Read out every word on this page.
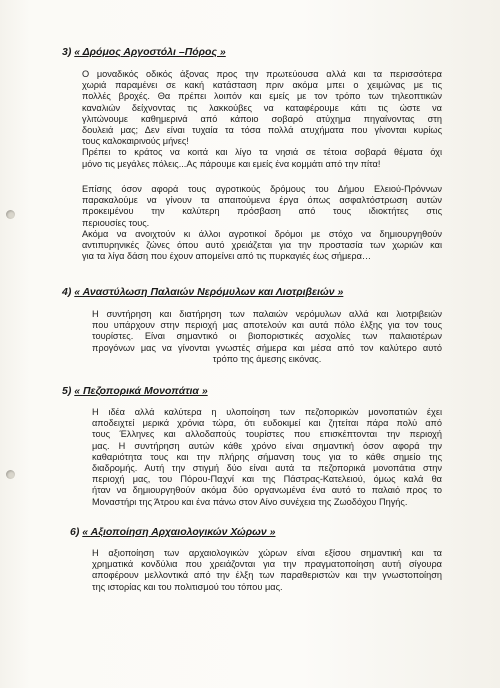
3) « Δρόμος Αργοστόλι –Πόρος »
Ο μοναδικός οδικός άξονας προς την πρωτεύουσα αλλά και τα περισσότερα
χωριά παραμένει σε κακή κατάσταση πριν ακόμα μπει ο χειμώνας με τις
πολλές βροχές. Θα πρέπει λοιπόν και εμείς με τον τρόπο των τηλεοπτικών
καναλιών δείχνοντας τις λακκούβες να καταφέρουμε κάτι τις ώστε να
γλιτώνουμε καθημερινά από κάποιο σοβαρό ατύχημα πηγαίνοντας στη
δουλειά μας; Δεν είναι τυχαία τα τόσα πολλά ατυχήματα που γίνονται κυρίως
τους καλοκαιρινούς μήνες!
Πρέπει το κράτος να κοιτά και λίγο τα νησιά σε τέτοια σοβαρά θέματα όχι
μόνο τις μεγάλες πόλεις...Ας πάρουμε και εμείς ένα κομμάτι από την πίτα!
Επίσης όσον αφορά τους αγροτικούς δρόμους του Δήμου Ελειού-Πρόννων
παρακαλούμε να γίνουν τα απαιτούμενα έργα όπως ασφαλτόστρωση αυτών
προκειμένου την καλύτερη πρόσβαση από τους ιδιοκτήτες στις
περιουσίες τους.
Ακόμα να ανοιχτούν κι άλλοι αγροτικοί δρόμοι με στόχο να δημιουργηθούν
αντιπυρηνικές ζώνες όπου αυτό χρειάζεται για την προστασία των χωριών και
για τα λίγα δάση που έχουν απομείνει από τις πυρκαγιές έως σήμερα…
4) « Αναστύλωση Παλαιών Νερόμυλων και Λιοτριβειών »
Η συντήρηση και διατήρηση των παλαιών νερόμυλων αλλά και λιοτριβειών
που υπάρχουν στην περιοχή μας αποτελούν και αυτά πόλο έλξης για τον τους
τουρίστες. Είναι σημαντικό οι βιοποριστικές ασχολίες των παλαιοτέρων
προγόνων μας να γίνονται γνωστές σήμερα και μέσα από τον καλύτερο αυτό
τρόπο της άμεσης εικόνας.
5) « Πεζοπορικά Μονοπάτια »
Η ιδέα αλλά καλύτερα η υλοποίηση των πεζοπορικών μονοπατιών έχει
αποδειχτεί μερικά χρόνια τώρα, ότι ευδοκιμεί και ζητείται πάρα πολύ από
τους Έλληνες και αλλοδαπούς τουρίστες που επισκέπτονται την περιοχή
μας. Η συντήρηση αυτών κάθε χρόνο είναι σημαντική όσον αφορά την
καθαριότητα τους και την πλήρης σήμανση τους για το κάθε σημείο της
διαδρομής. Αυτή την στιγμή δύο είναι αυτά τα πεζοπορικά μονοπάτια στην
περιοχή μας, του Πόρου-Παχνί και της Πάστρας-Κατελειού, όμως καλά θα
ήταν να δημιουργηθούν ακόμα δύο οργανωμένα ένα αυτό το παλαιό προς το
Μοναστήρι της Άτρου και ένα πάνω στον Αίνο συνέχεια της Ζωοδόχου Πηγής.
6) « Αξιοποίηση Αρχαιολογικών Χώρων »
Η αξιοποίηση των αρχαιολογικών χώρων είναι εξίσου σημαντική και τα
χρηματικά κονδύλια που χρειάζονται για την πραγματοποίηση αυτή σίγουρα
αποφέρουν μελλοντικά από την έλξη των παραθεριστών και την γνωστοποίηση
της ιστορίας και του πολιτισμού του τόπου μας.
